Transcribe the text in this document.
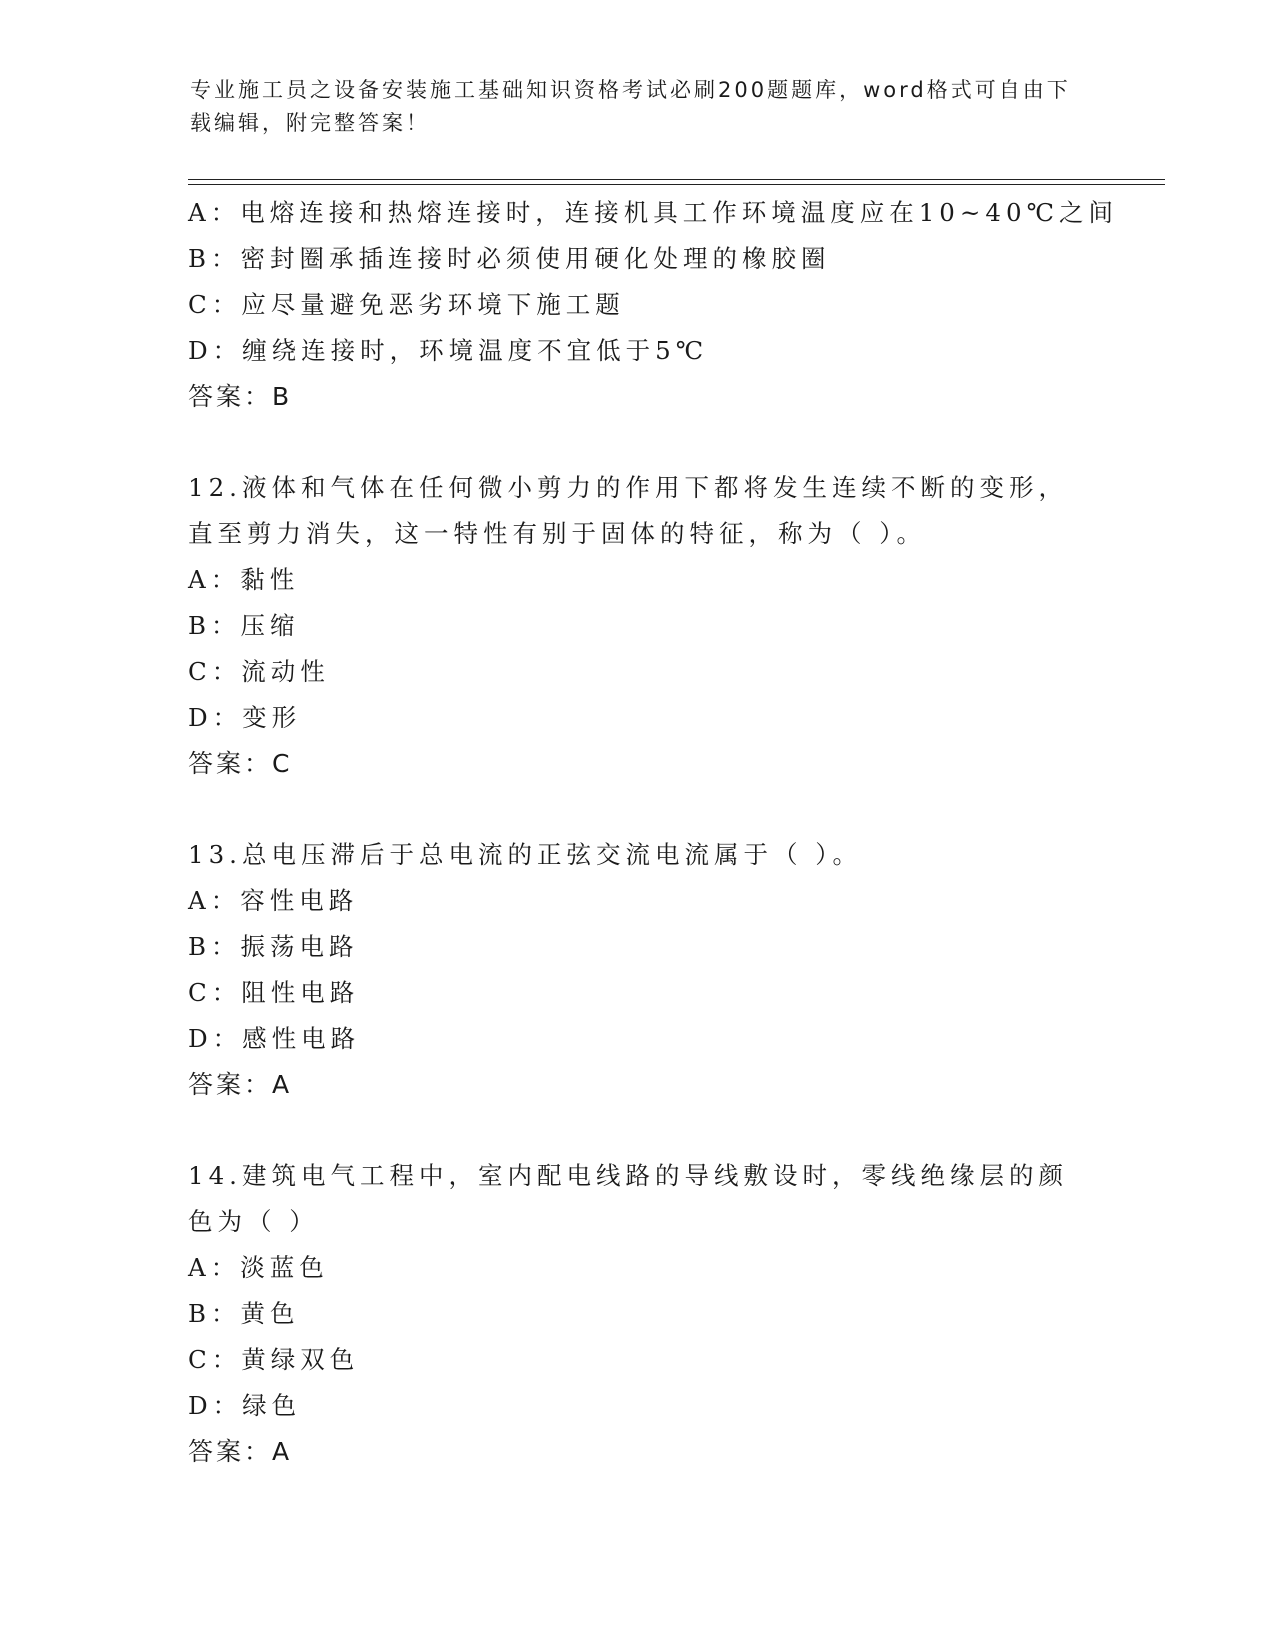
专业施工员之设备安装施工基础知识资格考试必刷200题题库，word格式可自由下载编辑，附完整答案！
A：电熔连接和热熔连接时，连接机具工作环境温度应在10~40℃之间
B：密封圈承插连接时必须使用硬化处理的橡胶圈
C：应尽量避免恶劣环境下施工题
D：缠绕连接时，环境温度不宜低于5℃
答案：B
12.液体和气体在任何微小剪力的作用下都将发生连续不断的变形，直至剪力消失，这一特性有别于固体的特征，称为（ ）。
A：黏性
B：压缩
C：流动性
D：变形
答案：C
13.总电压滞后于总电流的正弦交流电流属于（ ）。
A：容性电路
B：振荡电路
C：阻性电路
D：感性电路
答案：A
14.建筑电气工程中，室内配电线路的导线敷设时，零线绝缘层的颜色为（ ）
A：淡蓝色
B：黄色
C：黄绿双色
D：绿色
答案：A
